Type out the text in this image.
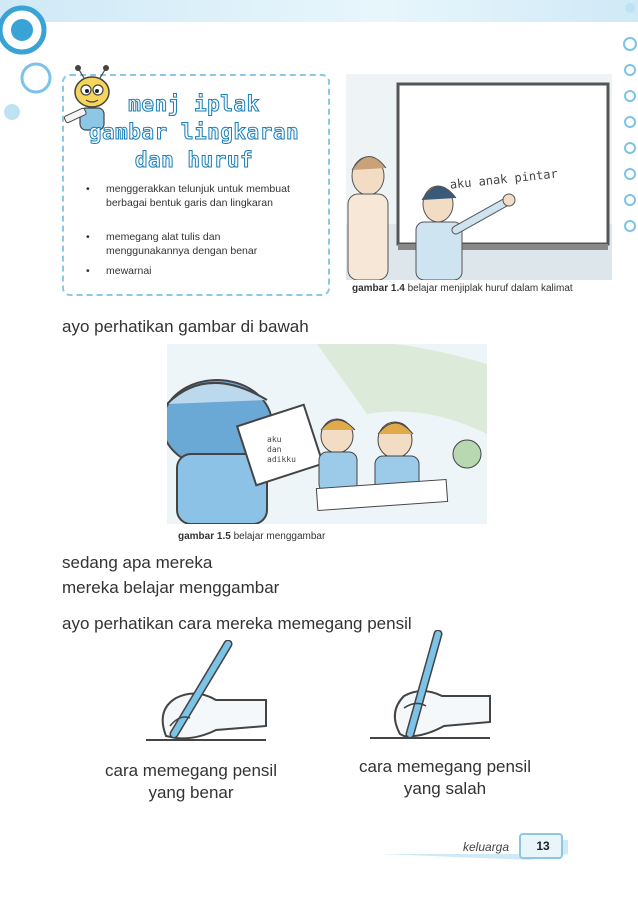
menj iplak
gambar lingkaran
dan huruf
• menggerakkan telunjuk untuk membuat berbagai bentuk garis dan lingkaran
• memegang alat tulis dan menggunakannya dengan benar
• mewarnai
aku anak pintar
gambar 1.4 belajar menjiplak huruf dalam kalimat
ayo perhatikan gambar di bawah
aku
dan
adikku
gambar 1.5 belajar menggambar
sedang apa mereka
mereka belajar menggambar
ayo perhatikan cara mereka memegang pensil
cara memegang pensil
yang benar
cara memegang pensil
yang salah
keluarga	13
